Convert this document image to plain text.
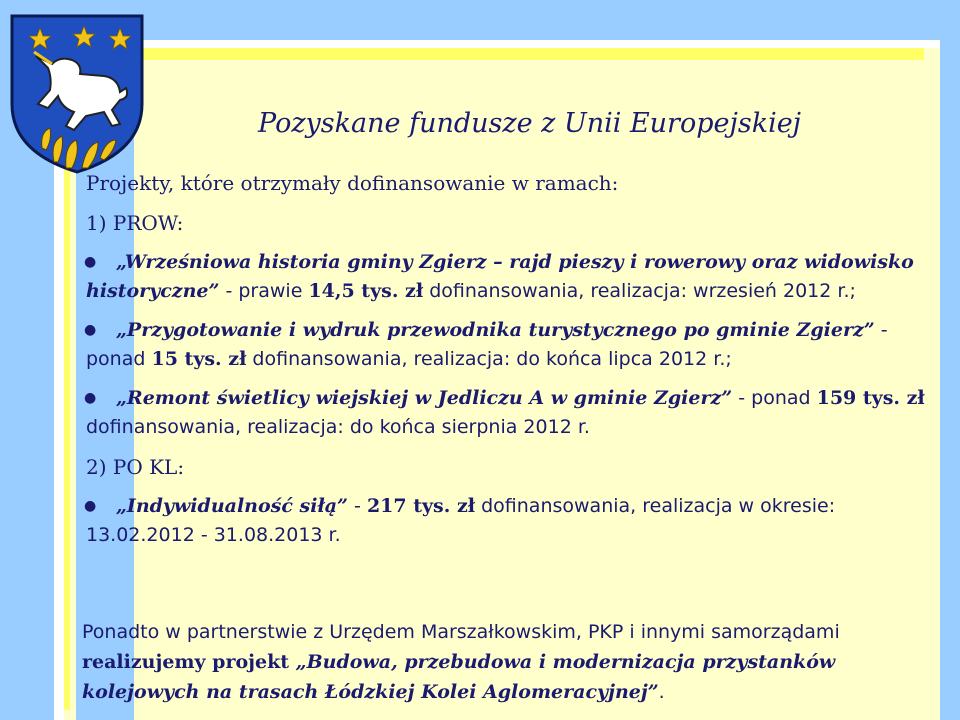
Pozyskane fundusze z Unii Europejskiej

Projekty, które otrzymały dofinansowanie w ramach:

1) PROW:

● „Wrześniowa historia gminy Zgierz – rajd pieszy i rowerowy oraz widowisko historyczne” - prawie 14,5 tys. zł dofinansowania, realizacja: wrzesień 2012 r.;
● „Przygotowanie i wydruk przewodnika turystycznego po gminie Zgierz” - ponad 15 tys. zł dofinansowania, realizacja: do końca lipca 2012 r.;
● „Remont świetlicy wiejskiej w Jedliczu A w gminie Zgierz” - ponad 159 tys. zł dofinansowania, realizacja: do końca sierpnia 2012 r.

2) PO KL:

● „Indywidualność siłą” - 217 tys. zł dofinansowania, realizacja w okresie: 13.02.2012 - 31.08.2013 r.
Ponadto w partnerstwie z Urzędem Marszałkowskim, PKP i innymi samorządami realizujemy projekt „Budowa, przebudowa i modernizacja przystanków kolejowych na trasach Łódzkiej Kolei Aglomeracyjnej”.
